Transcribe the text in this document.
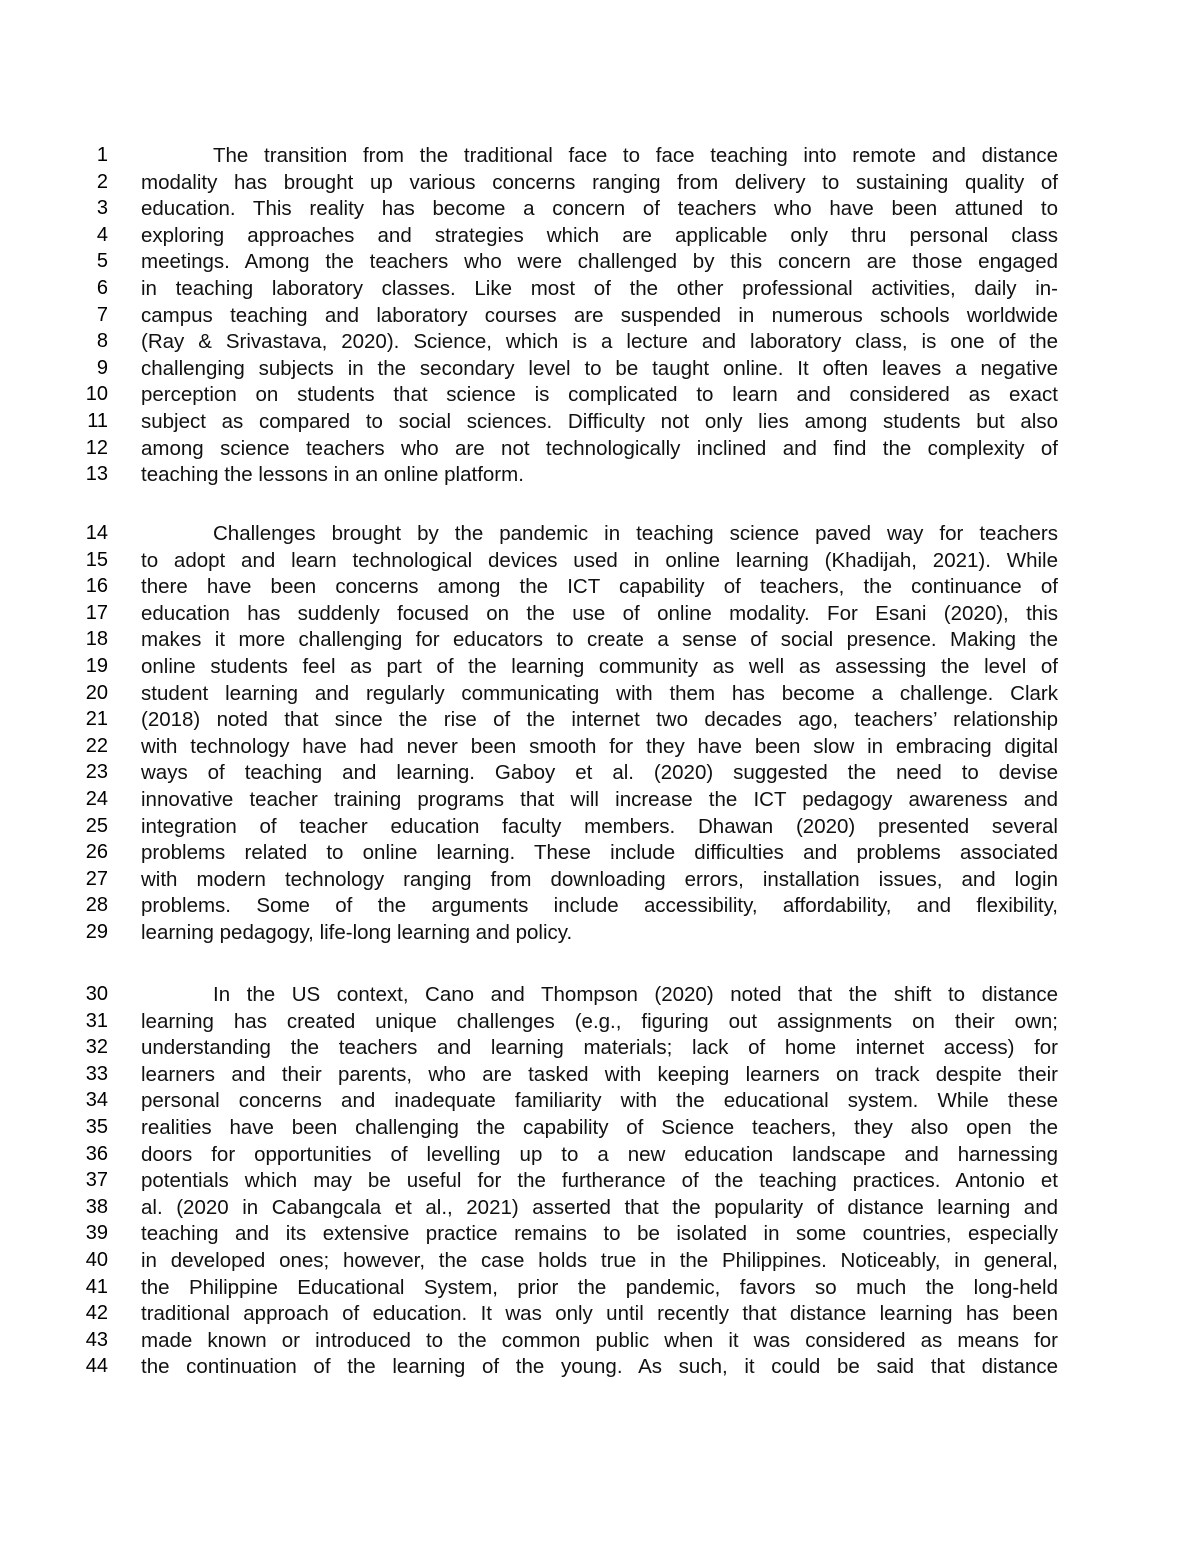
1	The transition from the traditional face to face teaching into remote and distance
2 modality has brought up various concerns ranging from delivery to sustaining quality of
3 education. This reality has become a concern of teachers who have been attuned to
4 exploring approaches and strategies which are applicable only thru personal class
5 meetings. Among the teachers who were challenged by this concern are those engaged
6 in teaching laboratory classes. Like most of the other professional activities, daily in-
7 campus teaching and laboratory courses are suspended in numerous schools worldwide
8 (Ray & Srivastava, 2020). Science, which is a lecture and laboratory class, is one of the
9 challenging subjects in the secondary level to be taught online. It often leaves a negative
10 perception on students that science is complicated to learn and considered as exact
11 subject as compared to social sciences. Difficulty not only lies among students but also
12 among science teachers who are not technologically inclined and find the complexity of
13 teaching the lessons in an online platform.
14	Challenges brought by the pandemic in teaching science paved way for teachers
15 to adopt and learn technological devices used in online learning (Khadijah, 2021). While
16 there have been concerns among the ICT capability of teachers, the continuance of
17 education has suddenly focused on the use of online modality. For Esani (2020), this
18 makes it more challenging for educators to create a sense of social presence. Making the
19 online students feel as part of the learning community as well as assessing the level of
20 student learning and regularly communicating with them has become a challenge. Clark
21 (2018) noted that since the rise of the internet two decades ago, teachers’ relationship
22 with technology have had never been smooth for they have been slow in embracing digital
23 ways of teaching and learning. Gaboy et al. (2020) suggested the need to devise
24 innovative teacher training programs that will increase the ICT pedagogy awareness and
25 integration of teacher education faculty members. Dhawan (2020) presented several
26 problems related to online learning. These include difficulties and problems associated
27 with modern technology ranging from downloading errors, installation issues, and login
28 problems. Some of the arguments include accessibility, affordability, and flexibility,
29 learning pedagogy, life-long learning and policy.
30	In the US context, Cano and Thompson (2020) noted that the shift to distance
31 learning has created unique challenges (e.g., figuring out assignments on their own;
32 understanding the teachers and learning materials; lack of home internet access) for
33 learners and their parents, who are tasked with keeping learners on track despite their
34 personal concerns and inadequate familiarity with the educational system. While these
35 realities have been challenging the capability of Science teachers, they also open the
36 doors for opportunities of levelling up to a new education landscape and harnessing
37 potentials which may be useful for the furtherance of the teaching practices. Antonio et
38 al. (2020 in Cabangcala et al., 2021) asserted that the popularity of distance learning and
39 teaching and its extensive practice remains to be isolated in some countries, especially
40 in developed ones; however, the case holds true in the Philippines. Noticeably, in general,
41 the Philippine Educational System, prior the pandemic, favors so much the long-held
42 traditional approach of education. It was only until recently that distance learning has been
43 made known or introduced to the common public when it was considered as means for
44 the continuation of the learning of the young. As such, it could be said that distance
